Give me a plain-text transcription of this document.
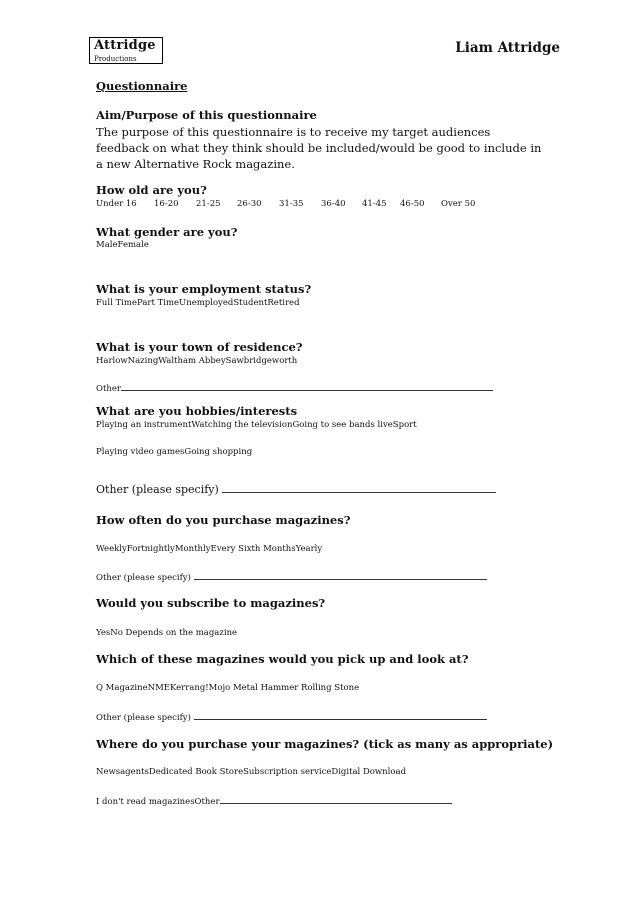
Attridge
Productions
Liam Attridge
Questionnaire
Aim/Purpose of this questionnaire
The purpose of this questionnaire is to receive my target audiences feedback on what they think should be included/would be good to include in a new Alternative Rock magazine.
How old are you?
Under 16 16-20 21-25 26-30 31-35 36-40 41-45 46-50 Over 50
What gender are you?
MaleFemale
What is your employment status?
Full TimePart TimeUnemployedStudentRetired
What is your town of residence?
HarlowNazingWaltham AbbeySawbridgeworth
Other
What are you hobbies/interests
Playing an instrumentWatching the televisionGoing to see bands liveSport
Playing video gamesGoing shopping
Other (please specify)
How often do you purchase magazines?
WeeklyFortnightlyMonthlyEvery Sixth MonthsYearly
Other (please specify)
Would you subscribe to magazines?
YesNo Depends on the magazine
Which of these magazines would you pick up and look at?
Q MagazineNMEKerrang!Mojo Metal Hammer Rolling Stone
Other (please specify)
Where do you purchase your magazines? (tick as many as appropriate)
NewsagentsDedicated Book StoreSubscription serviceDigital Download
I don't read magazinesOther
